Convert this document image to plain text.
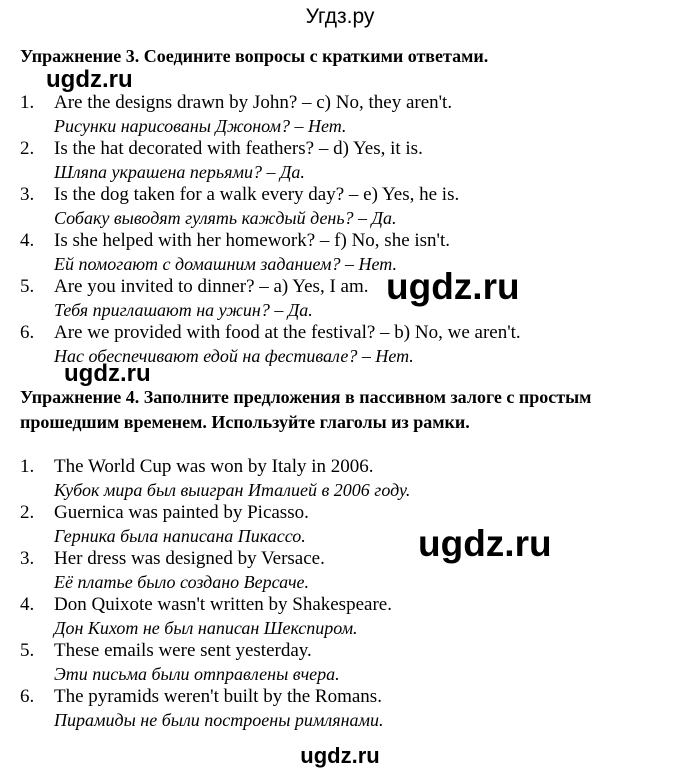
Угдз.ру
Упражнение 3. Соедините вопросы с краткими ответами.
ugdz.ru
1. Are the designs drawn by John? – c) No, they aren't.
Рисунки нарисованы Джоном? – Нет.
2. Is the hat decorated with feathers? – d) Yes, it is.
Шляпа украшена перьями? – Да.
3. Is the dog taken for a walk every day? – e) Yes, he is.
Собаку выводят гулять каждый день? – Да.
4. Is she helped with her homework? – f) No, she isn't.
Ей помогают с домашним заданием? – Нет.
5. Are you invited to dinner? – a) Yes, I am.
Тебя приглашают на ужин? – Да.
6. Are we provided with food at the festival? – b) No, we aren't.
Нас обеспечивают едой на фестивале? – Нет.
ugdz.ru
ugdz.ru
Упражнение 4. Заполните предложения в пассивном залоге с простым прошедшим временем. Используйте глаголы из рамки.
1. The World Cup was won by Italy in 2006.
Кубок мира был выигран Италией в 2006 году.
2. Guernica was painted by Picasso.
Герника была написана Пикассо.
3. Her dress was designed by Versace.
Её платье было создано Версаче.
4. Don Quixote wasn't written by Shakespeare.
Дон Кихот не был написан Шекспиром.
5. These emails were sent yesterday.
Эти письма были отправлены вчера.
6. The pyramids weren't built by the Romans.
Пирамиды не были построены римлянами.
ugdz.ru
ugdz.ru
